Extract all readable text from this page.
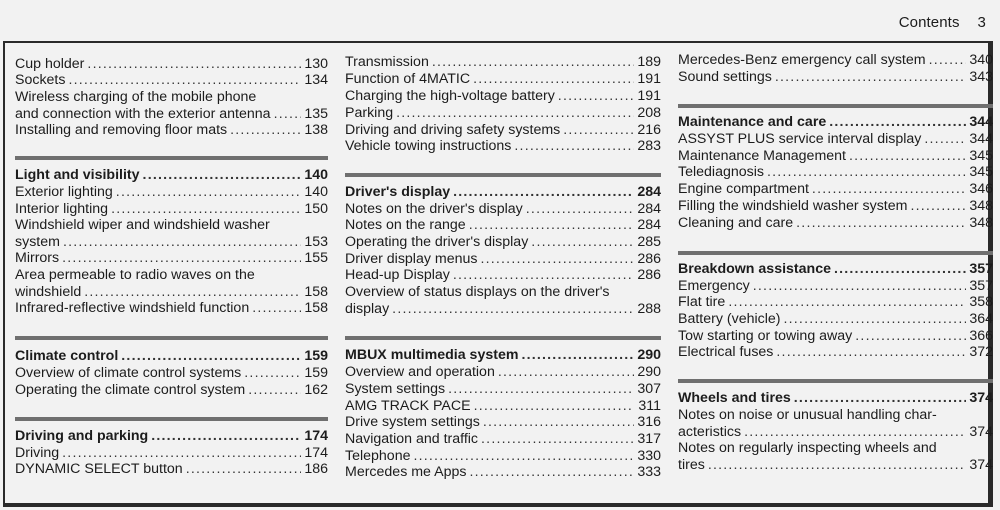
Contents 3
Cup holder .....	130
Sockets .....	134
Wireless charging of the mobile phone
and connection with the exterior antenna ..... 135
Installing and removing floor mats .....	138
Light and visibility .....	140
Exterior lighting .....	140
Interior lighting .....	150
Windshield wiper and windshield washer
system .....	153
Mirrors .....	155
Area permeable to radio waves on the
windshield .....	158
Infrared-reflective windshield function .....	158
Climate control .....	159
Overview of climate control systems .....	159
Operating the climate control system .....	162
Driving and parking .....	174
Driving .....	174
DYNAMIC SELECT button .....	186
Transmission .....	189
Function of 4MATIC .....	191
Charging the high-voltage battery .....	191
Parking .....	208
Driving and driving safety systems .....	216
Vehicle towing instructions .....	283
Driver's display .....	284
Notes on the driver's display .....	284
Notes on the range .....	284
Operating the driver's display .....	285
Driver display menus .....	286
Head-up Display .....	286
Overview of status displays on the driver's
display .....	288
MBUX multimedia system .....	290
Overview and operation .....	290
System settings .....	307
AMG TRACK PACE .....	311
Drive system settings .....	316
Navigation and traffic .....	317
Telephone .....	330
Mercedes me Apps .....	333
Mercedes-Benz emergency call system .....	340
Sound settings .....	343
Maintenance and care .....	344
ASSYST PLUS service interval display .....	344
Maintenance Management .....	345
Telediagnosis .....	345
Engine compartment .....	346
Filling the windshield washer system .....	348
Cleaning and care .....	348
Breakdown assistance .....	357
Emergency .....	357
Flat tire .....	358
Battery (vehicle) .....	364
Tow starting or towing away .....	366
Electrical fuses .....	372
Wheels and tires .....	374
Notes on noise or unusual handling char-
acteristics .....	374
Notes on regularly inspecting wheels and
tires .....	374
